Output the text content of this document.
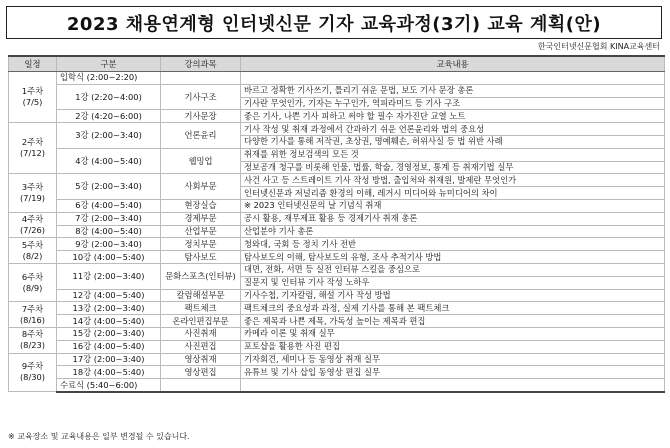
2023 채용연계형 인터넷신문 기자 교육과정(3기) 교육 계획(안)
한국인터넷신문협회 KINA교육센터
일정	구분	강의과목	교육내용
1주차
(7/5)	입학식 (2:00~2:20)		
	1강 (2:20~4:00)	기사구조	바르고 정확한 기사쓰기, 틀리기 쉬운 문법, 보도 기사 문장 총론
			기사란 무엇인가, 기자는 누구인가, 역피라미드 등 기사 구조
	2강 (4:20~6:00)	기사문장	좋은 기사, 나쁜 기사 피하고 써야 할 필수 자가진단 교열 노트
2주차
(7/12)	3강 (2:00~3:40)	언론윤리	기사 작성 및 취재 과정에서 간과하기 쉬운 언론윤리와 법의 중요성
			다양한 기사를 통해 저작권, 초상권, 명예훼손, 허위사실 등 법 위반 사례
	4강 (4:00~5:40)	웹밍업	취재를 위한 정보검색의 모든 것
			정보공개 청구를 비롯해 인물, 법률, 학술, 경영정보, 통계 등 취재기법 실무
3주차
(7/19)	5강 (2:00~3:40)	사회부문	사건 사고 등 스트레이트 기사 작성 방법, 출입처와 취재원, 발제란 무엇인가
			인터넷신문과 저널리즘 환경의 이해, 레거시 미디어와 뉴미디어의 차이
	6강 (4:00~5:40)	현장실습	※ 2023 인터넷신문의 날 기념식 취재
4주차
(7/26)	7강 (2:00~3:40)	경제부문	공시 활용, 재무제표 활용 등 경제기사 취재 총론
	8강 (4:00~5:40)	산업부문	산업분야 기사 총론
5주차
(8/2)	9강 (2:00~3:40)	정치부문	청와대, 국회 등 정치 기사 전반
	10강 (4:00~5:40)	탐사보도	탐사보도의 이해, 탐사보도의 유형, 조사 추적기사 방법
6주차
(8/9)	11강 (2:00~3:40)	문화스포츠(인터뷰)	대면, 전화, 서면 등 실전 인터뷰 스킬을 중심으로
			질문지 및 인터뷰 기사 작성 노하우
	12강 (4:00~5:40)	칼럼해설부문	기사수첩, 기자칼럼, 해설 기사 작성 방법
7주차
(8/16)	13강 (2:00~3:40)	팩트체크	팩트체크의 중요성과 과정, 실제 기사를 통해 본 팩트체크
	14강 (4:00~5:40)	온라인편집부문	좋은 제목과 나쁜 제목, 가독성 높이는 제목과 편집
8주차
(8/23)	15강 (2:00~3:40)	사진취재	카메라 이론 및 취재 실무
	16강 (4:00~5:40)	사진편집	포토샵을 활용한 사진 편집
9주차
(8/30)	17강 (2:00~3:40)	영상취재	기자회견, 세미나 등 동영상 취재 실무
	18강 (4:00~5:40)	영상편집	유튜브 및 기사 삽입 동영상 편집 실무
	수료식 (5:40~6:00)		
※ 교육장소 및 교육내용은 일부 변경될 수 있습니다.
